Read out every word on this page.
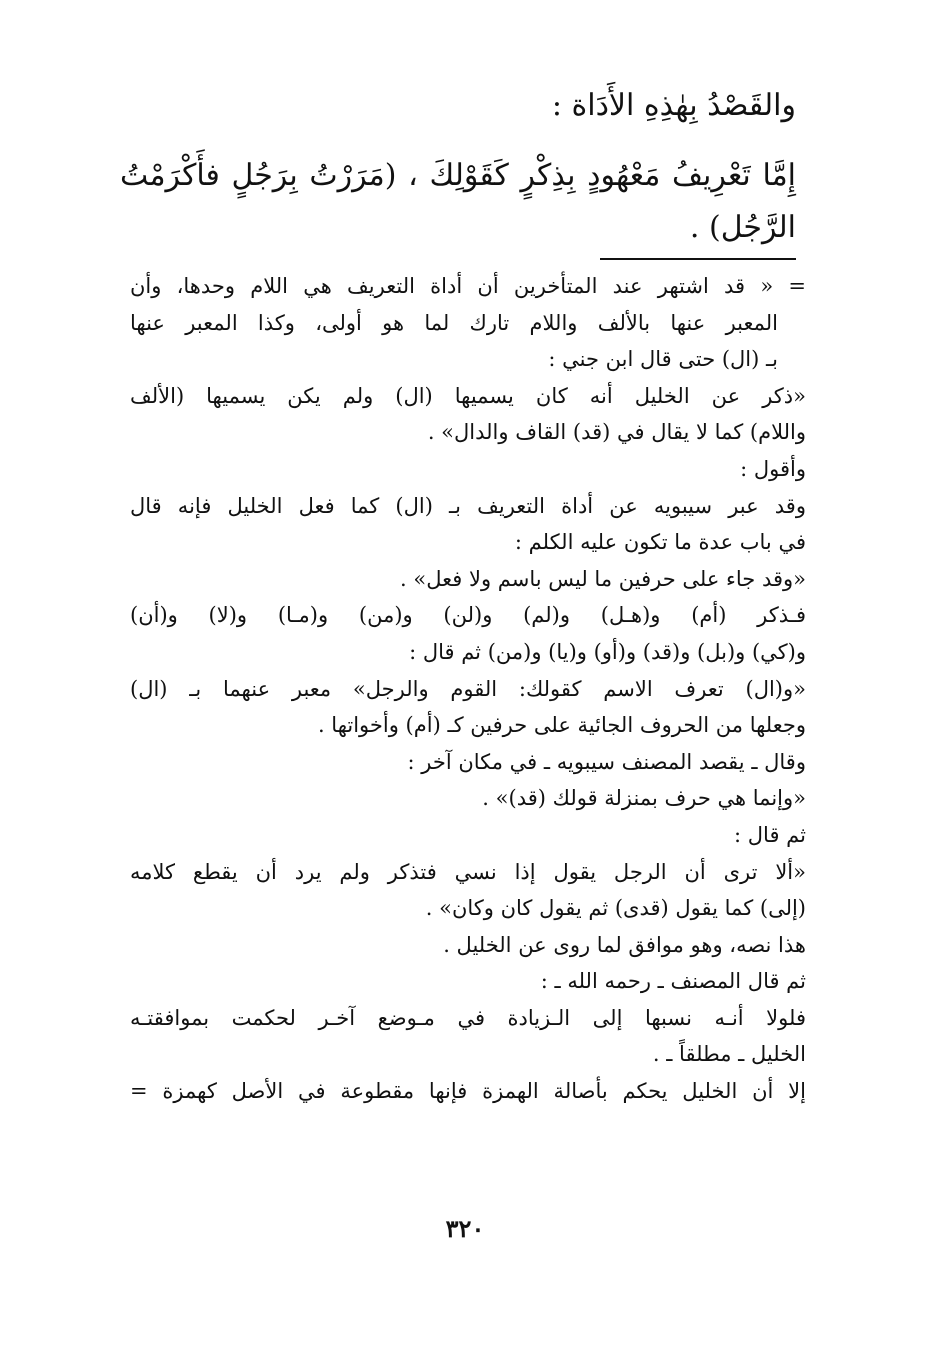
والقَصْدُ بِهٰذِهِ الأَدَاة :
إِمَّا تَعْرِيفُ مَعْهُودٍ بِذِكْرٍ كَقَوْلِكَ ، (مَرَرْتُ بِرَجُلٍ فأَكْرَمْتُ
الرَّجُل) .
= « قد اشتهر عند المتأخرين أن أداة التعريف هي اللام وحدها، وأن
المعبر عنها بالألف واللام تارك لما هو أولى، وكذا المعبر عنها
بـ (ال) حتى قال ابن جني :
«ذكر عن الخليل أنه كان يسميها (ال) ولم يكن يسميها (الألف
واللام) كما لا يقال في (قد) القاف والدال» .
وأقول :
وقد عبر سيبويه عن أداة التعريف بـ (ال) كما فعل الخليل فإنه قال
في باب عدة ما تكون عليه الكلم :
«وقد جاء على حرفين ما ليس باسم ولا فعل» .
فـذكر (أم) و(هـل) و(لم) و(لن) و(من) و(مـا) و(لا) و(أن)
و(كي) و(بل) و(قد) و(أو) و(يا) و(من) ثم قال :
«و(ال) تعرف الاسم كقولك: القوم والرجل» معبر عنهما بـ (ال)
وجعلها من الحروف الجائية على حرفين كـ (أم) وأخواتها .
وقال ـ يقصد المصنف سيبويه ـ في مكان آخر :
«وإنما هي حرف بمنزلة قولك (قد)» .
ثم قال :
«ألا ترى أن الرجل يقول إذا نسي فتذكر ولم يرد أن يقطع كلامه
(إلى) كما يقول (قدى) ثم يقول كان وكان» .
هذا نصه، وهو موافق لما روى عن الخليل .
ثم قال المصنف ـ رحمه الله ـ :
فلولا أنـه نسبها إلى الـزيادة في مـوضع آخـر لحكمت بموافقتـه
الخليل ـ مطلقاً ـ .
إلا أن الخليل يحكم بأصالة الهمزة فإنها مقطوعة في الأصل كهمزة =
٣٢٠
